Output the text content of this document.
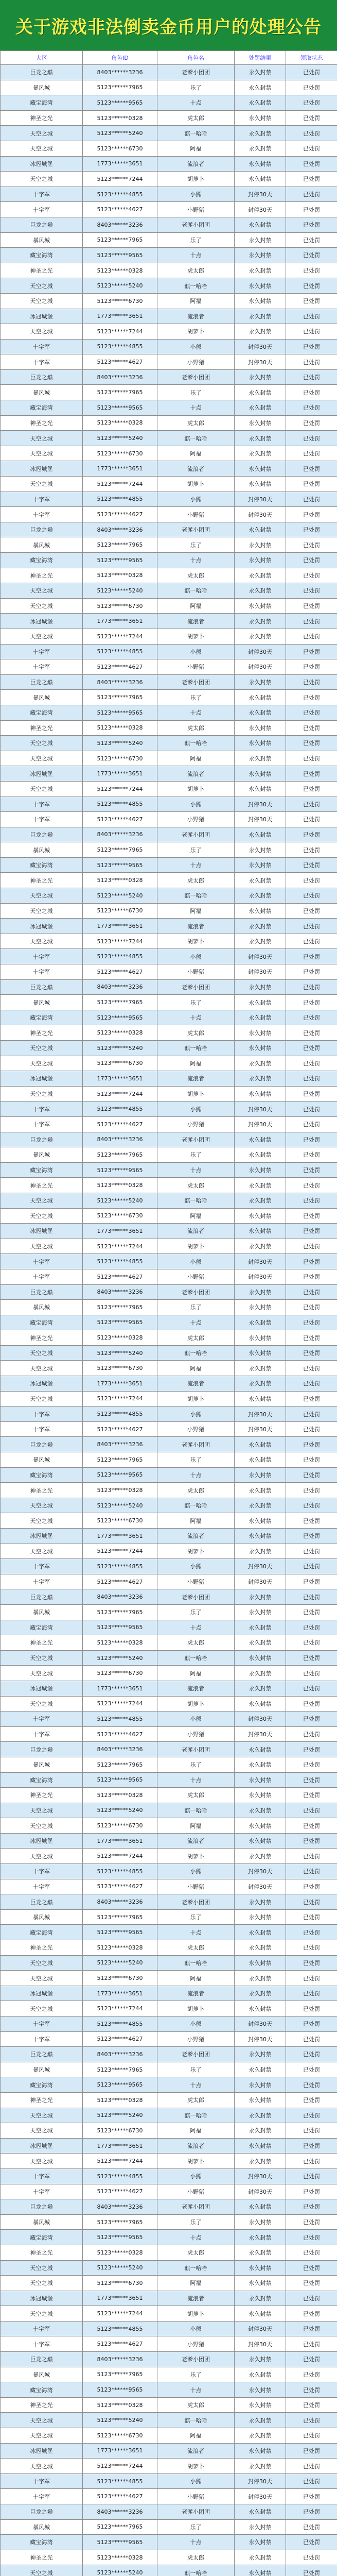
关于游戏非法倒卖金币用户的处理公告
大区	角色ID	角色名	处罚结果	领取状态
巨龙之巅	8403******3236	老爹小团团	永久封禁	已处罚
暴风城	5123******7965	乐了	永久封禁	已处罚
藏宝海湾	5123******9565	十点	永久封禁	已处罚
神圣之光	5123******0328	虎太郎	永久封禁	已处罚
天空之城	5123******5240	麒一哈哈	永久封禁	已处罚
天空之城	5123******6730	阿福	永久封禁	已处罚
冰冠城堡	1773******3651	流浪者	永久封禁	已处罚
天空之城	5123******7244	胡萝卜	永久封禁	已处罚
十字军	5123******4855	小熊	封停30天	已处罚
十字军	5123******4627	小野猪	封停30天	已处罚
巨龙之巅	8403******3236	老爹小团团	永久封禁	已处罚
暴风城	5123******7965	乐了	永久封禁	已处罚
藏宝海湾	5123******9565	十点	永久封禁	已处罚
神圣之光	5123******0328	虎太郎	永久封禁	已处罚
天空之城	5123******5240	麒一哈哈	永久封禁	已处罚
天空之城	5123******6730	阿福	永久封禁	已处罚
冰冠城堡	1773******3651	流浪者	永久封禁	已处罚
天空之城	5123******7244	胡萝卜	永久封禁	已处罚
十字军	5123******4855	小熊	封停30天	已处罚
十字军	5123******4627	小野猪	封停30天	已处罚
巨龙之巅	8403******3236	老爹小团团	永久封禁	已处罚
暴风城	5123******7965	乐了	永久封禁	已处罚
藏宝海湾	5123******9565	十点	永久封禁	已处罚
神圣之光	5123******0328	虎太郎	永久封禁	已处罚
天空之城	5123******5240	麒一哈哈	永久封禁	已处罚
天空之城	5123******6730	阿福	永久封禁	已处罚
冰冠城堡	1773******3651	流浪者	永久封禁	已处罚
天空之城	5123******7244	胡萝卜	永久封禁	已处罚
十字军	5123******4855	小熊	封停30天	已处罚
十字军	5123******4627	小野猪	封停30天	已处罚
巨龙之巅	8403******3236	老爹小团团	永久封禁	已处罚
暴风城	5123******7965	乐了	永久封禁	已处罚
藏宝海湾	5123******9565	十点	永久封禁	已处罚
神圣之光	5123******0328	虎太郎	永久封禁	已处罚
天空之城	5123******5240	麒一哈哈	永久封禁	已处罚
天空之城	5123******6730	阿福	永久封禁	已处罚
冰冠城堡	1773******3651	流浪者	永久封禁	已处罚
天空之城	5123******7244	胡萝卜	永久封禁	已处罚
十字军	5123******4855	小熊	封停30天	已处罚
十字军	5123******4627	小野猪	封停30天	已处罚
巨龙之巅	8403******3236	老爹小团团	永久封禁	已处罚
暴风城	5123******7965	乐了	永久封禁	已处罚
藏宝海湾	5123******9565	十点	永久封禁	已处罚
神圣之光	5123******0328	虎太郎	永久封禁	已处罚
天空之城	5123******5240	麒一哈哈	永久封禁	已处罚
天空之城	5123******6730	阿福	永久封禁	已处罚
冰冠城堡	1773******3651	流浪者	永久封禁	已处罚
天空之城	5123******7244	胡萝卜	永久封禁	已处罚
十字军	5123******4855	小熊	封停30天	已处罚
十字军	5123******4627	小野猪	封停30天	已处罚
巨龙之巅	8403******3236	老爹小团团	永久封禁	已处罚
暴风城	5123******7965	乐了	永久封禁	已处罚
藏宝海湾	5123******9565	十点	永久封禁	已处罚
神圣之光	5123******0328	虎太郎	永久封禁	已处罚
天空之城	5123******5240	麒一哈哈	永久封禁	已处罚
天空之城	5123******6730	阿福	永久封禁	已处罚
冰冠城堡	1773******3651	流浪者	永久封禁	已处罚
天空之城	5123******7244	胡萝卜	永久封禁	已处罚
十字军	5123******4855	小熊	封停30天	已处罚
十字军	5123******4627	小野猪	封停30天	已处罚
巨龙之巅	8403******3236	老爹小团团	永久封禁	已处罚
暴风城	5123******7965	乐了	永久封禁	已处罚
藏宝海湾	5123******9565	十点	永久封禁	已处罚
神圣之光	5123******0328	虎太郎	永久封禁	已处罚
天空之城	5123******5240	麒一哈哈	永久封禁	已处罚
天空之城	5123******6730	阿福	永久封禁	已处罚
冰冠城堡	1773******3651	流浪者	永久封禁	已处罚
天空之城	5123******7244	胡萝卜	永久封禁	已处罚
十字军	5123******4855	小熊	封停30天	已处罚
十字军	5123******4627	小野猪	封停30天	已处罚
巨龙之巅	8403******3236	老爹小团团	永久封禁	已处罚
暴风城	5123******7965	乐了	永久封禁	已处罚
藏宝海湾	5123******9565	十点	永久封禁	已处罚
神圣之光	5123******0328	虎太郎	永久封禁	已处罚
天空之城	5123******5240	麒一哈哈	永久封禁	已处罚
天空之城	5123******6730	阿福	永久封禁	已处罚
冰冠城堡	1773******3651	流浪者	永久封禁	已处罚
天空之城	5123******7244	胡萝卜	永久封禁	已处罚
十字军	5123******4855	小熊	封停30天	已处罚
十字军	5123******4627	小野猪	封停30天	已处罚
巨龙之巅	8403******3236	老爹小团团	永久封禁	已处罚
暴风城	5123******7965	乐了	永久封禁	已处罚
藏宝海湾	5123******9565	十点	永久封禁	已处罚
神圣之光	5123******0328	虎太郎	永久封禁	已处罚
天空之城	5123******5240	麒一哈哈	永久封禁	已处罚
天空之城	5123******6730	阿福	永久封禁	已处罚
冰冠城堡	1773******3651	流浪者	永久封禁	已处罚
天空之城	5123******7244	胡萝卜	永久封禁	已处罚
十字军	5123******4855	小熊	封停30天	已处罚
十字军	5123******4627	小野猪	封停30天	已处罚
巨龙之巅	8403******3236	老爹小团团	永久封禁	已处罚
暴风城	5123******7965	乐了	永久封禁	已处罚
藏宝海湾	5123******9565	十点	永久封禁	已处罚
神圣之光	5123******0328	虎太郎	永久封禁	已处罚
天空之城	5123******5240	麒一哈哈	永久封禁	已处罚
天空之城	5123******6730	阿福	永久封禁	已处罚
冰冠城堡	1773******3651	流浪者	永久封禁	已处罚
天空之城	5123******7244	胡萝卜	永久封禁	已处罚
十字军	5123******4855	小熊	封停30天	已处罚
十字军	5123******4627	小野猪	封停30天	已处罚
巨龙之巅	8403******3236	老爹小团团	永久封禁	已处罚
暴风城	5123******7965	乐了	永久封禁	已处罚
藏宝海湾	5123******9565	十点	永久封禁	已处罚
神圣之光	5123******0328	虎太郎	永久封禁	已处罚
天空之城	5123******5240	麒一哈哈	永久封禁	已处罚
天空之城	5123******6730	阿福	永久封禁	已处罚
冰冠城堡	1773******3651	流浪者	永久封禁	已处罚
天空之城	5123******7244	胡萝卜	永久封禁	已处罚
十字军	5123******4855	小熊	封停30天	已处罚
十字军	5123******4627	小野猪	封停30天	已处罚
巨龙之巅	8403******3236	老爹小团团	永久封禁	已处罚
暴风城	5123******7965	乐了	永久封禁	已处罚
藏宝海湾	5123******9565	十点	永久封禁	已处罚
神圣之光	5123******0328	虎太郎	永久封禁	已处罚
天空之城	5123******5240	麒一哈哈	永久封禁	已处罚
天空之城	5123******6730	阿福	永久封禁	已处罚
冰冠城堡	1773******3651	流浪者	永久封禁	已处罚
天空之城	5123******7244	胡萝卜	永久封禁	已处罚
十字军	5123******4855	小熊	封停30天	已处罚
十字军	5123******4627	小野猪	封停30天	已处罚
巨龙之巅	8403******3236	老爹小团团	永久封禁	已处罚
暴风城	5123******7965	乐了	永久封禁	已处罚
藏宝海湾	5123******9565	十点	永久封禁	已处罚
神圣之光	5123******0328	虎太郎	永久封禁	已处罚
天空之城	5123******5240	麒一哈哈	永久封禁	已处罚
天空之城	5123******6730	阿福	永久封禁	已处罚
冰冠城堡	1773******3651	流浪者	永久封禁	已处罚
天空之城	5123******7244	胡萝卜	永久封禁	已处罚
十字军	5123******4855	小熊	封停30天	已处罚
十字军	5123******4627	小野猪	封停30天	已处罚
巨龙之巅	8403******3236	老爹小团团	永久封禁	已处罚
暴风城	5123******7965	乐了	永久封禁	已处罚
藏宝海湾	5123******9565	十点	永久封禁	已处罚
神圣之光	5123******0328	虎太郎	永久封禁	已处罚
天空之城	5123******5240	麒一哈哈	永久封禁	已处罚
天空之城	5123******6730	阿福	永久封禁	已处罚
冰冠城堡	1773******3651	流浪者	永久封禁	已处罚
天空之城	5123******7244	胡萝卜	永久封禁	已处罚
十字军	5123******4855	小熊	封停30天	已处罚
十字军	5123******4627	小野猪	封停30天	已处罚
巨龙之巅	8403******3236	老爹小团团	永久封禁	已处罚
暴风城	5123******7965	乐了	永久封禁	已处罚
藏宝海湾	5123******9565	十点	永久封禁	已处罚
神圣之光	5123******0328	虎太郎	永久封禁	已处罚
天空之城	5123******5240	麒一哈哈	永久封禁	已处罚
天空之城	5123******6730	阿福	永久封禁	已处罚
冰冠城堡	1773******3651	流浪者	永久封禁	已处罚
天空之城	5123******7244	胡萝卜	永久封禁	已处罚
十字军	5123******4855	小熊	封停30天	已处罚
十字军	5123******4627	小野猪	封停30天	已处罚
巨龙之巅	8403******3236	老爹小团团	永久封禁	已处罚
暴风城	5123******7965	乐了	永久封禁	已处罚
藏宝海湾	5123******9565	十点	永久封禁	已处罚
神圣之光	5123******0328	虎太郎	永久封禁	已处罚
天空之城	5123******5240	麒一哈哈	永久封禁	已处罚
天空之城	5123******6730	阿福	永久封禁	已处罚
冰冠城堡	1773******3651	流浪者	永久封禁	已处罚
天空之城	5123******7244	胡萝卜	永久封禁	已处罚
十字军	5123******4855	小熊	封停30天	已处罚
十字军	5123******4627	小野猪	封停30天	已处罚
巨龙之巅	8403******3236	老爹小团团	永久封禁	已处罚
暴风城	5123******7965	乐了	永久封禁	已处罚
藏宝海湾	5123******9565	十点	永久封禁	已处罚
神圣之光	5123******0328	虎太郎	永久封禁	已处罚
天空之城	5123******5240	麒一哈哈	永久封禁	已处罚
